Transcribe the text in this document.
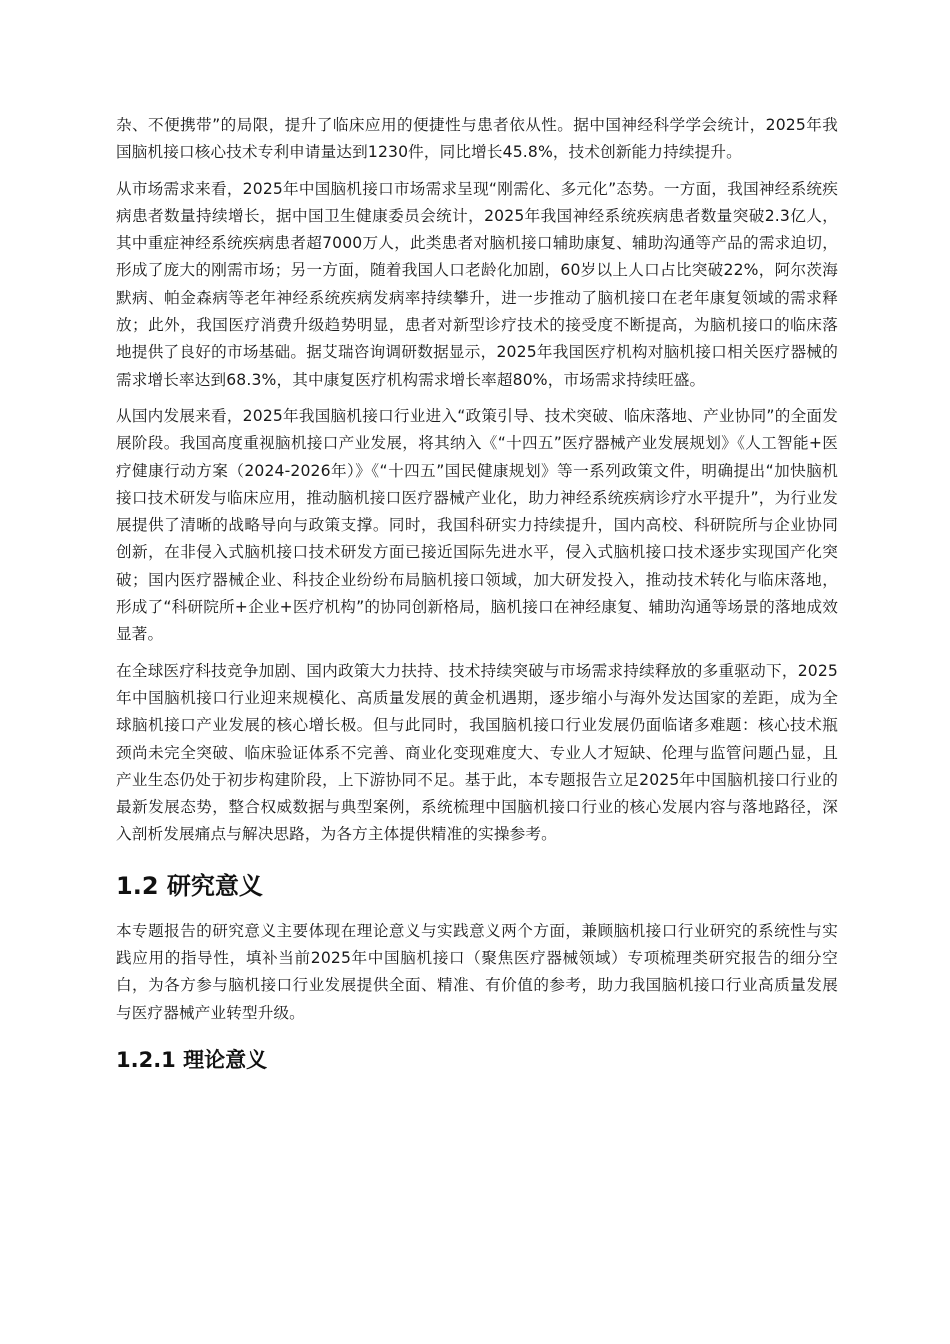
杂、不便携带”的局限，提升了临床应用的便捷性与患者依从性。据中国神经科学学会统计，2025年我国脑机接口核心技术专利申请量达到1230件，同比增长45.8%，技术创新能力持续提升。

从市场需求来看，2025年中国脑机接口市场需求呈现“刚需化、多元化”态势。一方面，我国神经系统疾病患者数量持续增长，据中国卫生健康委员会统计，2025年我国神经系统疾病患者数量突破2.3亿人，其中重症神经系统疾病患者超7000万人，此类患者对脑机接口辅助康复、辅助沟通等产品的需求迫切，形成了庞大的刚需市场；另一方面，随着我国人口老龄化加剧，60岁以上人口占比突破22%，阿尔茨海默病、帕金森病等老年神经系统疾病发病率持续攀升，进一步推动了脑机接口在老年康复领域的需求释放；此外，我国医疗消费升级趋势明显，患者对新型诊疗技术的接受度不断提高，为脑机接口的临床落地提供了良好的市场基础。据艾瑞咨询调研数据显示，2025年我国医疗机构对脑机接口相关医疗器械的需求增长率达到68.3%，其中康复医疗机构需求增长率超80%，市场需求持续旺盛。

从国内发展来看，2025年我国脑机接口行业进入“政策引导、技术突破、临床落地、产业协同”的全面发展阶段。我国高度重视脑机接口产业发展，将其纳入《“十四五”医疗器械产业发展规划》《人工智能+医疗健康行动方案（2024-2026年）》《“十四五”国民健康规划》等一系列政策文件，明确提出“加快脑机接口技术研发与临床应用，推动脑机接口医疗器械产业化，助力神经系统疾病诊疗水平提升”，为行业发展提供了清晰的战略导向与政策支撑。同时，我国科研实力持续提升，国内高校、科研院所与企业协同创新，在非侵入式脑机接口技术研发方面已接近国际先进水平，侵入式脑机接口技术逐步实现国产化突破；国内医疗器械企业、科技企业纷纷布局脑机接口领域，加大研发投入，推动技术转化与临床落地，形成了“科研院所+企业+医疗机构”的协同创新格局，脑机接口在神经康复、辅助沟通等场景的落地成效显著。

在全球医疗科技竞争加剧、国内政策大力扶持、技术持续突破与市场需求持续释放的多重驱动下，2025年中国脑机接口行业迎来规模化、高质量发展的黄金机遇期，逐步缩小与海外发达国家的差距，成为全球脑机接口产业发展的核心增长极。但与此同时，我国脑机接口行业发展仍面临诸多难题：核心技术瓶颈尚未完全突破、临床验证体系不完善、商业化变现难度大、专业人才短缺、伦理与监管问题凸显，且产业生态仍处于初步构建阶段，上下游协同不足。基于此，本专题报告立足2025年中国脑机接口行业的最新发展态势，整合权威数据与典型案例，系统梳理中国脑机接口行业的核心发展内容与落地路径，深入剖析发展痛点与解决思路，为各方主体提供精准的实操参考。

1.2 研究意义

本专题报告的研究意义主要体现在理论意义与实践意义两个方面，兼顾脑机接口行业研究的系统性与实践应用的指导性，填补当前2025年中国脑机接口（聚焦医疗器械领域）专项梳理类研究报告的细分空白，为各方参与脑机接口行业发展提供全面、精准、有价值的参考，助力我国脑机接口行业高质量发展与医疗器械产业转型升级。

1.2.1 理论意义
